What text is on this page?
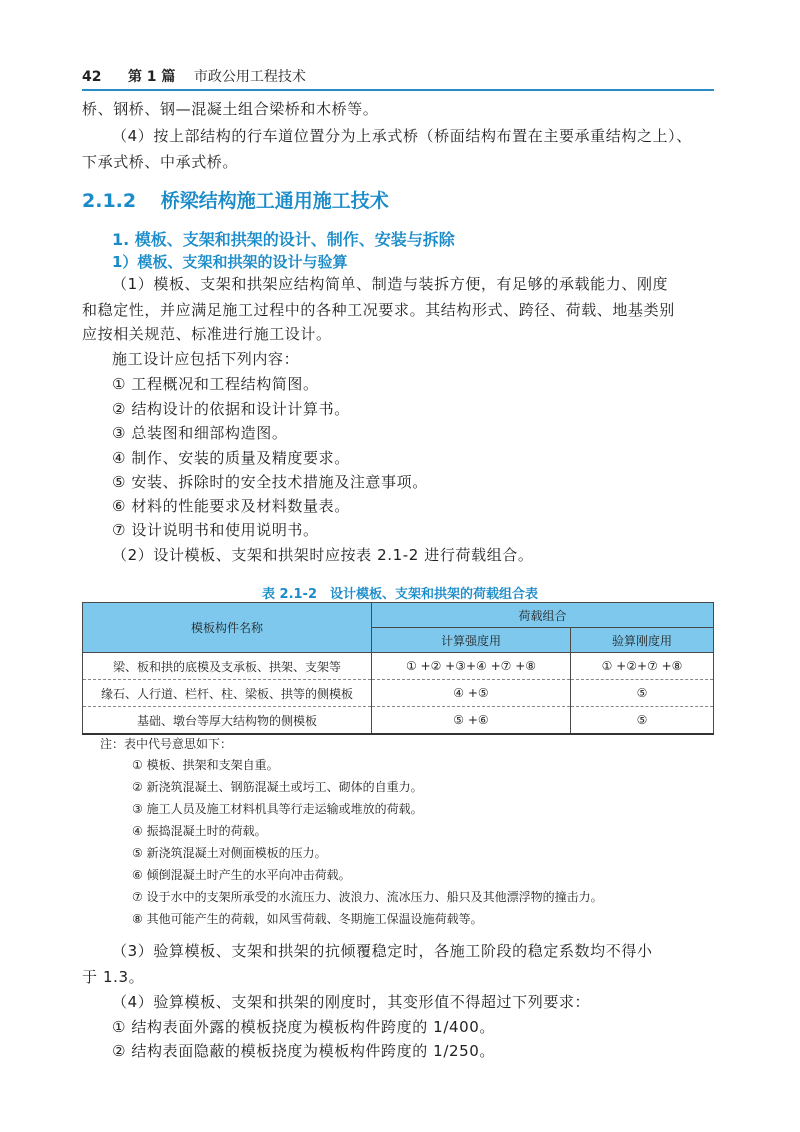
42 第 1 篇 市政公用工程技术
桥、钢桥、钢—混凝土组合梁桥和木桥等。
（4）按上部结构的行车道位置分为上承式桥（桥面结构布置在主要承重结构之上）、
下承式桥、中承式桥。
2.1.2 桥梁结构施工通用施工技术
1. 模板、支架和拱架的设计、制作、安装与拆除
1）模板、支架和拱架的设计与验算
（1）模板、支架和拱架应结构简单、制造与装拆方便，有足够的承载能力、刚度
和稳定性，并应满足施工过程中的各种工况要求。其结构形式、跨径、荷载、地基类别
应按相关规范、标准进行施工设计。
施工设计应包括下列内容：
① 工程概况和工程结构简图。
② 结构设计的依据和设计计算书。
③ 总装图和细部构造图。
④ 制作、安装的质量及精度要求。
⑤ 安装、拆除时的安全技术措施及注意事项。
⑥ 材料的性能要求及材料数量表。
⑦ 设计说明书和使用说明书。
（2）设计模板、支架和拱架时应按表 2.1-2 进行荷载组合。
表 2.1-2　设计模板、支架和拱架的荷载组合表
模板构件名称	荷载组合	
	计算强度用	验算刚度用
梁、板和拱的底模及支承板、拱架、支架等	① +② +③+④ +⑦ +⑧	① +②+⑦ +⑧
缘石、人行道、栏杆、柱、梁板、拱等的侧模板	④ +⑤	⑤
基础、墩台等厚大结构物的侧模板	⑤ +⑥	⑤
注：表中代号意思如下：
① 模板、拱架和支架自重。
② 新浇筑混凝土、钢筋混凝土或圬工、砌体的自重力。
③ 施工人员及施工材料机具等行走运输或堆放的荷载。
④ 振捣混凝土时的荷载。
⑤ 新浇筑混凝土对侧面模板的压力。
⑥ 倾倒混凝土时产生的水平向冲击荷载。
⑦ 设于水中的支架所承受的水流压力、波浪力、流冰压力、船只及其他漂浮物的撞击力。
⑧ 其他可能产生的荷载，如风雪荷载、冬期施工保温设施荷载等。
（3）验算模板、支架和拱架的抗倾覆稳定时，各施工阶段的稳定系数均不得小
于 1.3。
（4）验算模板、支架和拱架的刚度时，其变形值不得超过下列要求：
① 结构表面外露的模板挠度为模板构件跨度的 1/400。
② 结构表面隐蔽的模板挠度为模板构件跨度的 1/250。
